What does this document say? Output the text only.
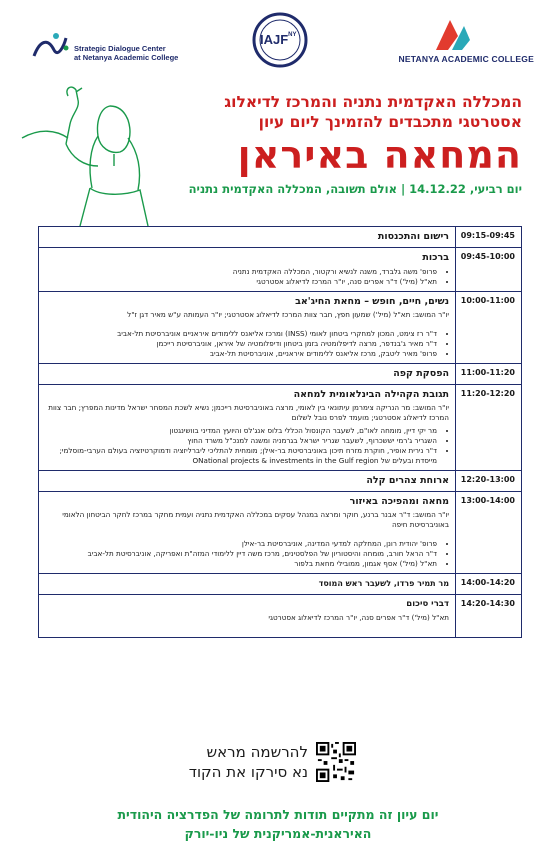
Strategic Dialogue Center
at Netanya Academic College
$IAJF^{NY}$
NETANYA ACADEMIC COLLEGE
המכללה האקדמית נתניה והמרכז לדיאלוג
אסטרטגי מתכבדים להזמינך ליום עיון
המחאה באיראן
יום רביעי, 14.12.22 | אולם תשובה, המכללה האקדמית נתניה
09:15-09:45
רישום והתכנסות
09:45-10:00
ברכות
• פרופ' משה גלברד, משנה לנשיא ורקטור, המכללה האקדמית נתניה
• תא"ל (מיל') ד"ר אפרים סנה, יו"ר המרכז לדיאלוג אסטרטגי
10:00-11:00
נשים, חיים, חופש – מחאת החיג'אב
יו"ר המושב: תא"ל (מיל') שמעון חפץ, חבר צוות המרכז לדיאלוג אסטרטגי; יו"ר העמותה ע"ש מאיר דגן ז"ל
• ד"ר רז צימט, המכון למחקרי ביטחון לאומי (INSS) ומרכז אליאנס ללימודים איראניים אוניברסיטת תל-אביב
• ד"ר מאיר ג'בנדפר, מרצה לדיפלומטיה בזמן ביטחון ודיפלומטיה של איראן, אוניברסיטת רייכמן
• פרופ' מאיר ליטבק, מרכז אליאנס ללימודים איראניים, אוניברסיטת תל-אביב
11:00-11:20
הפסקת קפה
11:20-12:20
תגובת הקהילה הבינלאומית למחאה
יו"ר המושב: מר הנריקה צימרמן עיתונאי בין לאומי, מרצה באוניברסיטת רייכמן; נשיא לשכת המסחר ישראל מדינות המפרץ; חבר צוות המרכז לדיאלוג אסטרטגי; מועמד לפרס נובל לשלום
• מר יקי דיין, מומחה לאו"ם, לשעבר הקונסול הכללי בלוס אנג'לס והיועץ המדיני בוושינגטון
• השגריר ג'רמי יששכרוף, לשעבר שגריר ישראל בגרמניה ומשנה למנכ"ל משרד החוץ
• ד"ר נירית אופיר, חוקרת מזרח תיכון באוניברסיטת בר-אילן; מומחית להתליכי ליברליזציה ודמוקרטיזציה בעולם הערבי-מוסלמי; מייסדת ובעלים של ONational projects & investments in the Gulf region
12:20-13:00
ארוחת צהרים קלה
13:00-14:00
מחאה ומהפיכה באיזור
יו"ר המושב: ד"ר אבנר ברנע, חוקר ומרצה במנהל עסקים במכללה האקדמית נתניה ועמית מחקר במרכז לחקר הביטחון הלאומי באוניברסיטת חיפה
• פרופ' יהודית רונן, המחלקה למדעי המדינה, אוניברסיטת בר-אילן
• ד"ר הראל חורב, מומחה והיסטוריון של הפלסטינים, מרכז משה דיין ללימודי המזה"ת ואפריקה, אוניברסיטת תל-אביב
• תא"ל (מיל') אסף אגמון, ממובילי מחאת בלפור
14:00-14:20
מר תמיר פרדו, לשעבר ראש המוסד
14:20-14:30
דברי סיכום
תא"ל (מיל') ד"ר אפרים סנה, יו"ר המרכז לדיאלוג אסטרטגי
להרשמה מראש
נא סירקו את הקוד
יום עיון זה מתקיים תודות לתרומה של הפדרציה היהודית
האיראנית-אמריקנית של ניו-יורק
